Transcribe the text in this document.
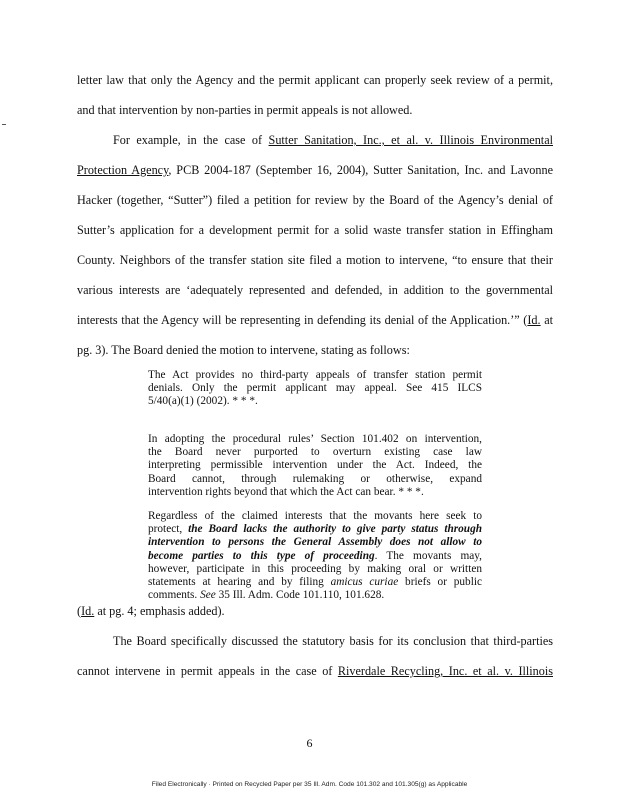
letter law that only the Agency and the permit applicant can properly seek review of a permit,
and that intervention by non-parties in permit appeals is not allowed.
For example, in the case of Sutter Sanitation, Inc., et al. v. Illinois Environmental
Protection Agency, PCB 2004-187 (September 16, 2004), Sutter Sanitation, Inc. and Lavonne
Hacker (together, “Sutter”) filed a petition for review by the Board of the Agency’s denial of
Sutter’s application for a development permit for a solid waste transfer station in Effingham
County. Neighbors of the transfer station site filed a motion to intervene, “to ensure that their
various interests are ‘adequately represented and defended, in addition to the governmental
interests that the Agency will be representing in defending its denial of the Application.’” (Id. at
pg. 3). The Board denied the motion to intervene, stating as follows:
The Act provides no third-party appeals of transfer station permit
denials. Only the permit applicant may appeal. See 415 ILCS
5/40(a)(1) (2002). * * *.
In adopting the procedural rules’ Section 101.402 on intervention,
the Board never purported to overturn existing case law
interpreting permissible intervention under the Act. Indeed, the
Board cannot, through rulemaking or otherwise, expand
intervention rights beyond that which the Act can bear. * * *.
Regardless of the claimed interests that the movants here seek to
protect, the Board lacks the authority to give party status through
intervention to persons the General Assembly does not allow to
become parties to this type of proceeding. The movants may,
however, participate in this proceeding by making oral or written
statements at hearing and by filing amicus curiae briefs or public
comments. See 35 Ill. Adm. Code 101.110, 101.628.
(Id. at pg. 4; emphasis added).
The Board specifically discussed the statutory basis for its conclusion that third-parties
cannot intervene in permit appeals in the case of Riverdale Recycling, Inc. et al. v. Illinois
6
Filed Electronically · Printed on Recycled Paper per 35 Ill. Adm. Code 101.302 and 101.305(g) as Applicable
